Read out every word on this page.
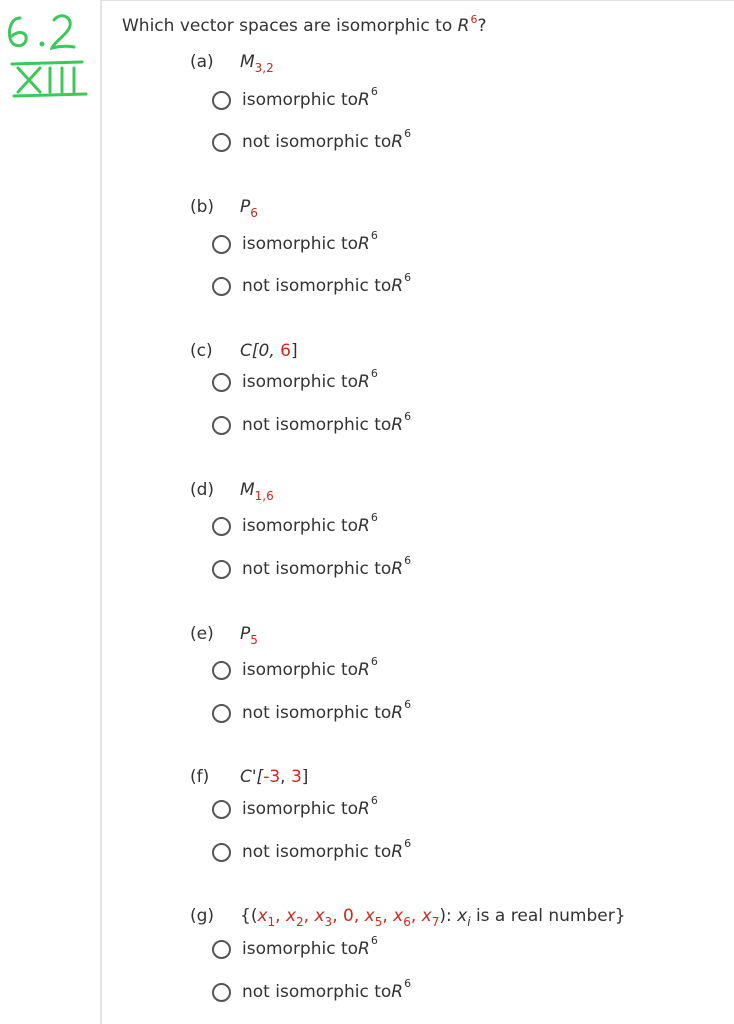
Which vector spaces are isomorphic to $R^6$?
(a) $M_{3,2}$
isomorphic to R 6
not isomorphic to R 6
(b) $P_6$
isomorphic to R 6
not isomorphic to R 6
(c) C[0, 6]
isomorphic to R 6
not isomorphic to R 6
(d) $M_{1,6}$
isomorphic to R 6
not isomorphic to R 6
(e) $P_5$
isomorphic to R 6
not isomorphic to R 6
(f) C'[-3, 3]
isomorphic to R 6
not isomorphic to R 6
(g) {($x_1$, $x_2$, $x_3$, 0, $x_5$, $x_6$, $x_7$): $x_i$ is a real number}
isomorphic to R 6
not isomorphic to R 6
